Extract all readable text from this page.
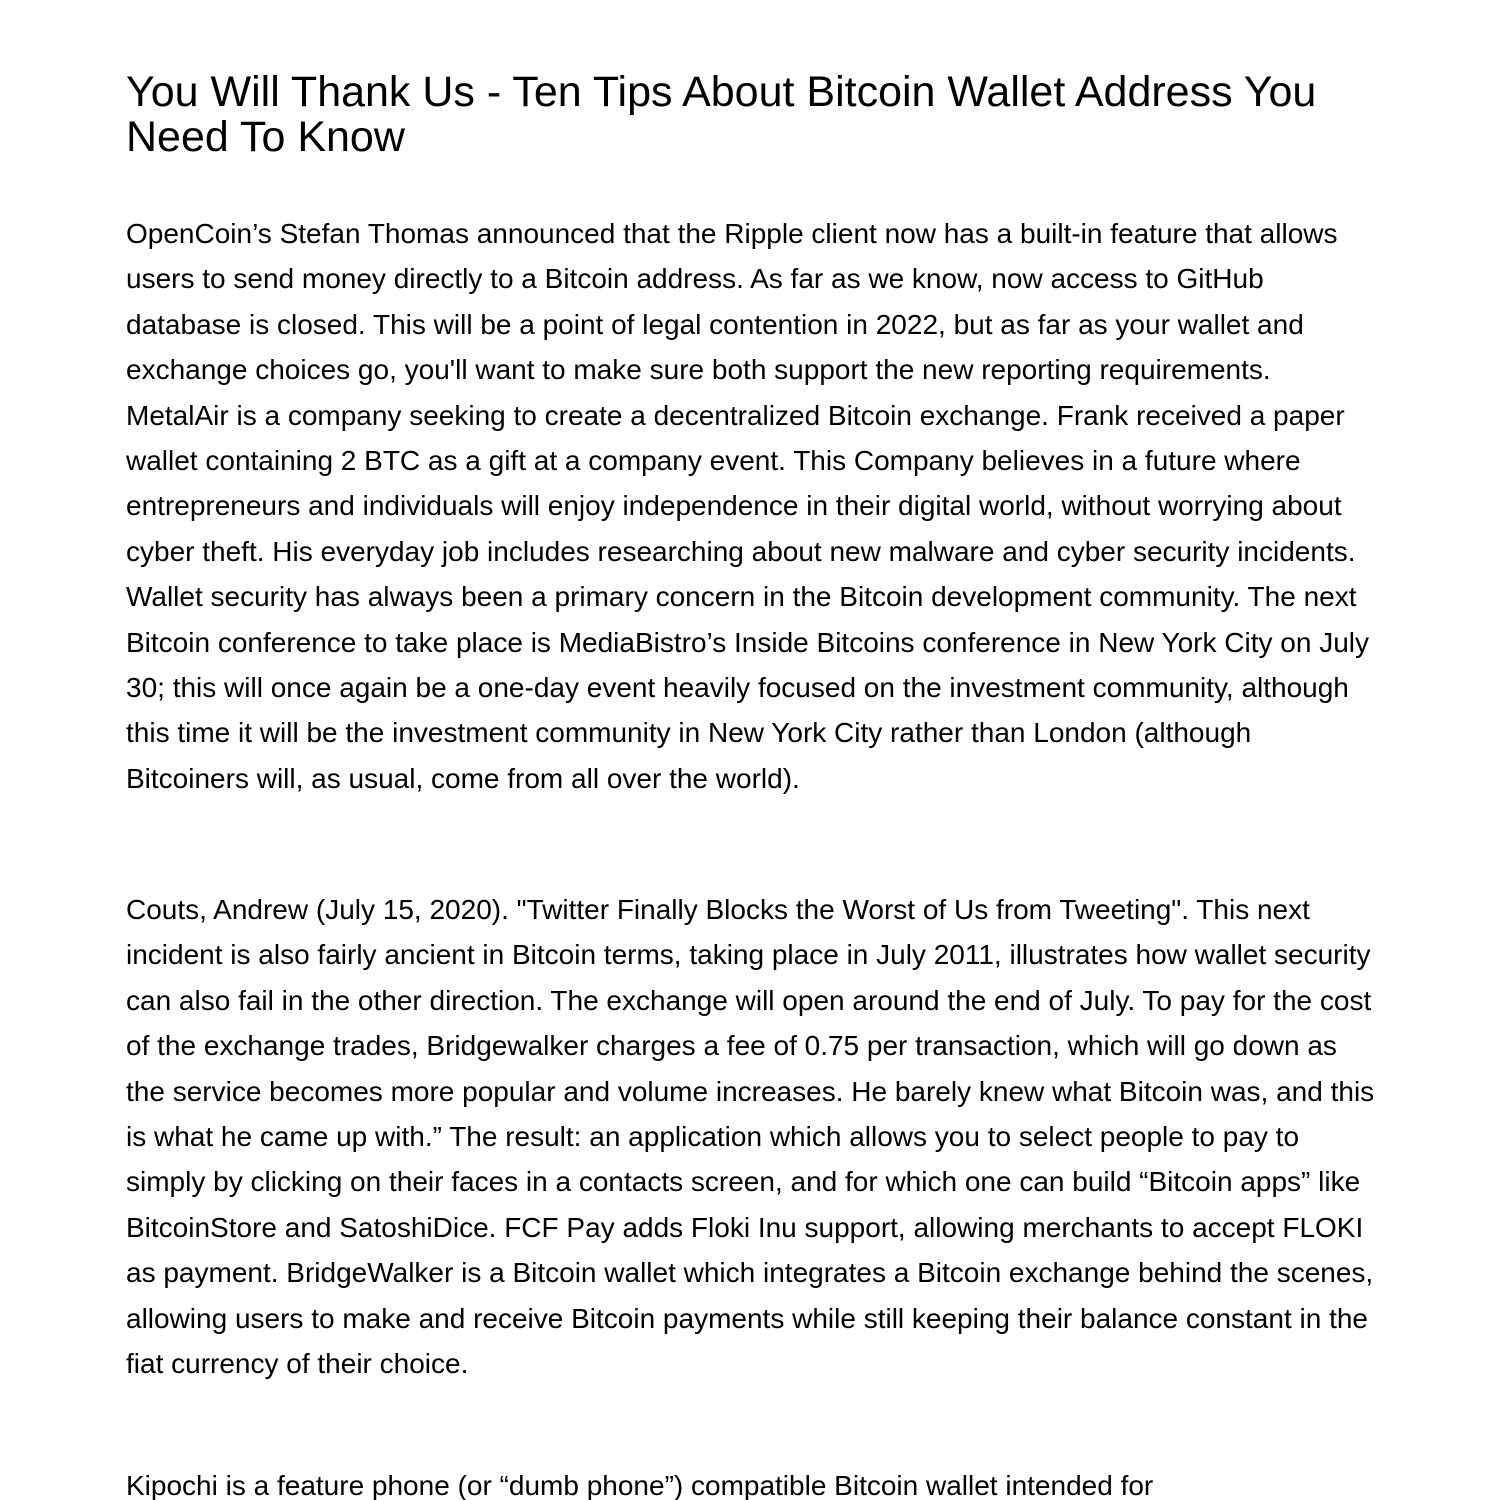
You Will Thank Us - Ten Tips About Bitcoin Wallet Address You Need To Know

OpenCoin’s Stefan Thomas announced that the Ripple client now has a built-in feature that allows users to send money directly to a Bitcoin address. As far as we know, now access to GitHub database is closed. This will be a point of legal contention in 2022, but as far as your wallet and exchange choices go, you'll want to make sure both support the new reporting requirements. MetalAir is a company seeking to create a decentralized Bitcoin exchange. Frank received a paper wallet containing 2 BTC as a gift at a company event. This Company believes in a future where entrepreneurs and individuals will enjoy independence in their digital world, without worrying about cyber theft. His everyday job includes researching about new malware and cyber security incidents. Wallet security has always been a primary concern in the Bitcoin development community. The next Bitcoin conference to take place is MediaBistro’s Inside Bitcoins conference in New York City on July 30; this will once again be a one-day event heavily focused on the investment community, although this time it will be the investment community in New York City rather than London (although Bitcoiners will, as usual, come from all over the world).

Couts, Andrew (July 15, 2020). "Twitter Finally Blocks the Worst of Us from Tweeting". This next incident is also fairly ancient in Bitcoin terms, taking place in July 2011, illustrates how wallet security can also fail in the other direction. The exchange will open around the end of July. To pay for the cost of the exchange trades, Bridgewalker charges a fee of 0.75 per transaction, which will go down as the service becomes more popular and volume increases. He barely knew what Bitcoin was, and this is what he came up with.” The result: an application which allows you to select people to pay to simply by clicking on their faces in a contacts screen, and for which one can build “Bitcoin apps” like BitcoinStore and SatoshiDice. FCF Pay adds Floki Inu support, allowing merchants to accept FLOKI as payment. BridgeWalker is a Bitcoin wallet which integrates a Bitcoin exchange behind the scenes, allowing users to make and receive Bitcoin payments while still keeping their balance constant in the fiat currency of their choice.

Kipochi is a feature phone (or “dumb phone”) compatible Bitcoin wallet intended for
